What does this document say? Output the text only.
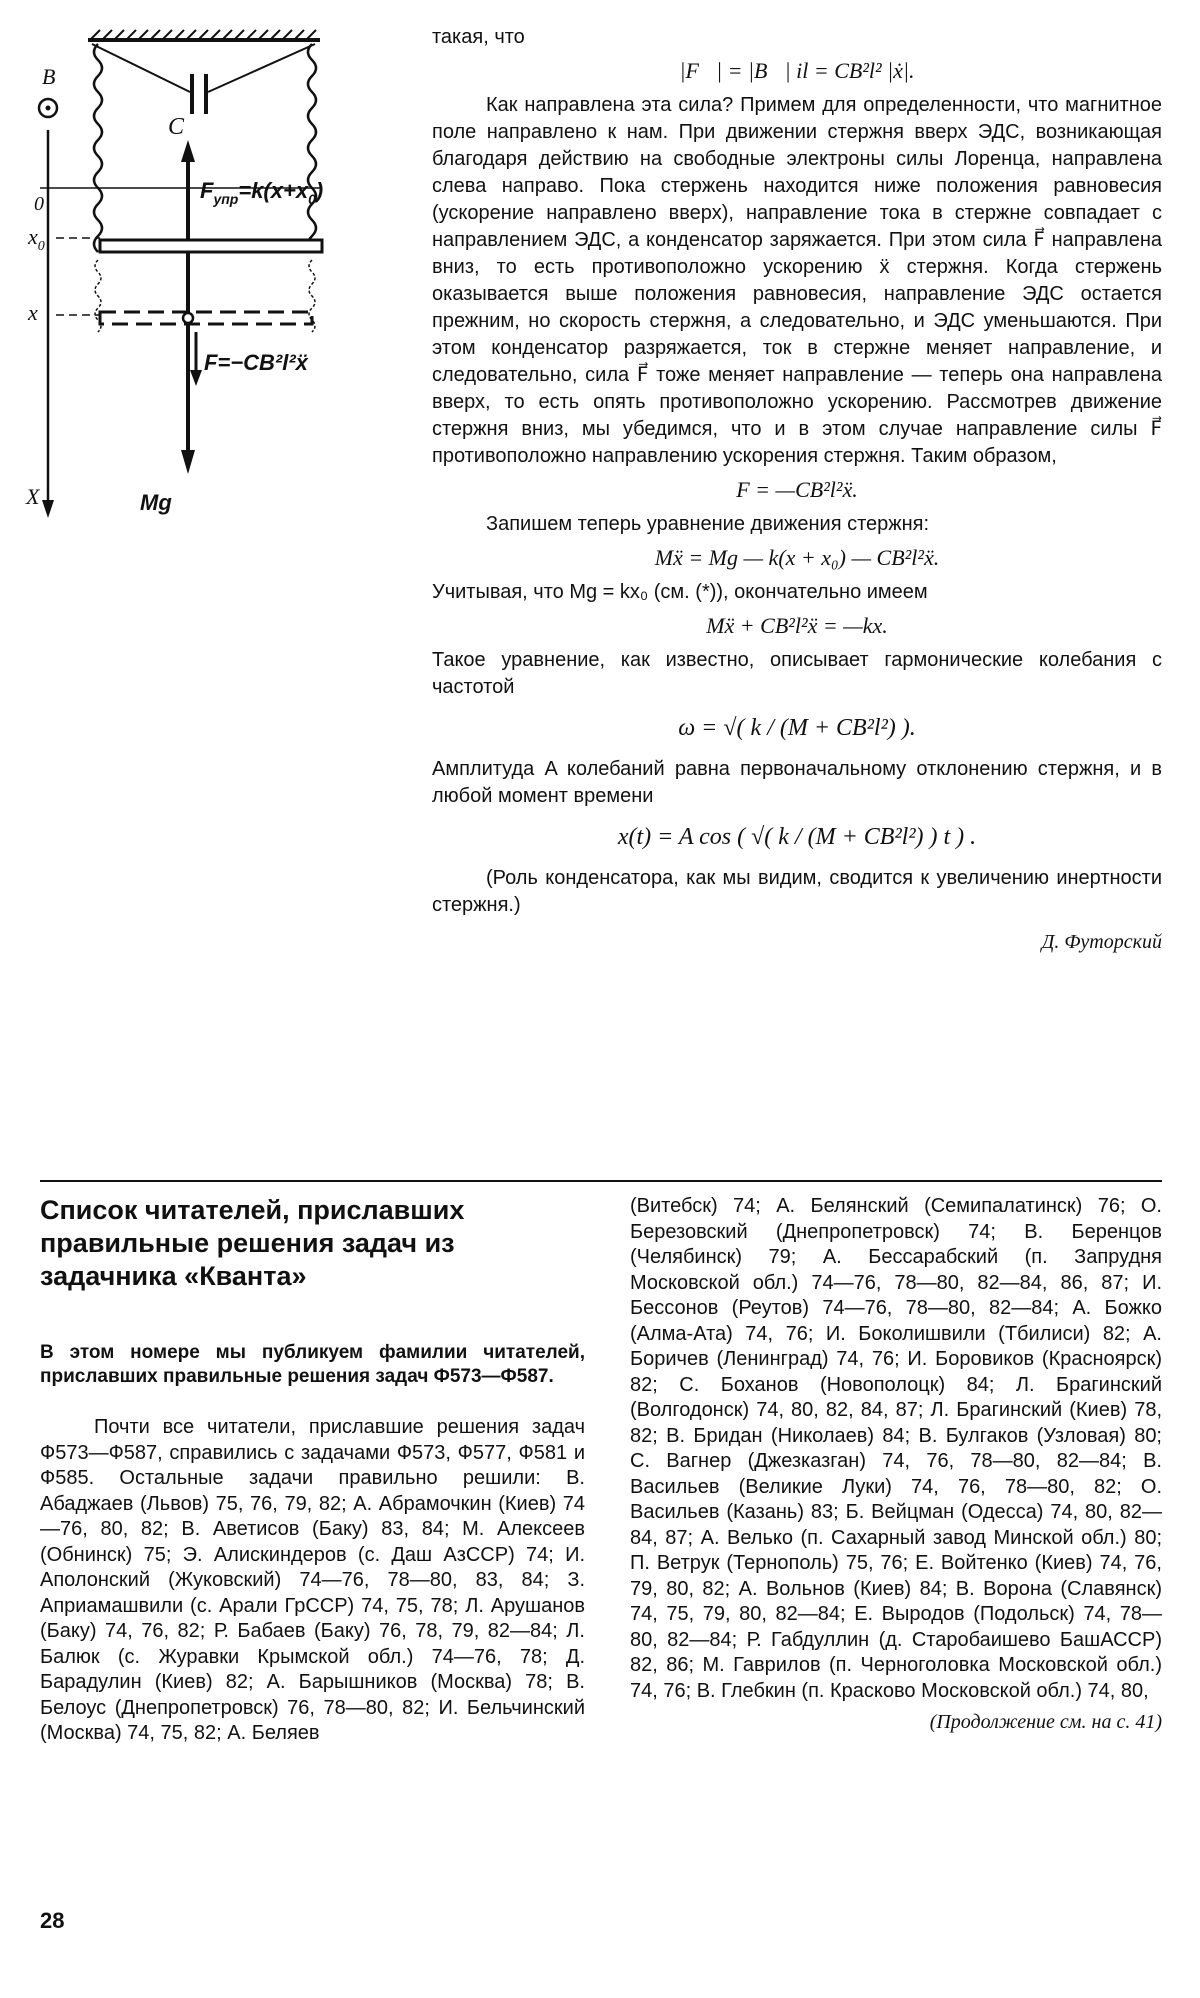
C
B
X
0
$x_0$
x
$F_{упр}=k(x+x_0)$
F=−CB²l²ẍ
Mg

такая, что

|F⃗| = |B⃗| il = CB²l² |ẋ|.

Как направлена эта сила? Примем для определенности, что магнитное поле направлено к нам. При движении стержня вверх ЭДС, возникающая благодаря действию на свободные электроны силы Лоренца, направлена слева направо. Пока стержень находится ниже положения равновесия (ускорение направлено вверх), направление тока в стержне совпадает с направлением ЭДС, а конденсатор заряжается. При этом сила F⃗ направлена вниз, то есть противоположно ускорению ẍ стержня. Когда стержень оказывается выше положения равновесия, направление ЭДС остается прежним, но скорость стержня, а следовательно, и ЭДС уменьшаются. При этом конденсатор разряжается, ток в стержне меняет направление, и следовательно, сила F⃗ тоже меняет направление — теперь она направлена вверх, то есть опять противоположно ускорению. Рассмотрев движение стержня вниз, мы убедимся, что и в этом случае направление силы F⃗ противоположно направлению ускорения стержня. Таким образом,

F = —CB²l²ẍ.

Запишем теперь уравнение движения стержня:

Mẍ = Mg — k(x + x₀) — CB²l²ẍ.

Учитывая, что Mg = kx₀ (см. (*)), окончательно имеем

Mẍ + CB²l²ẍ = —kx.

Такое уравнение, как известно, описывает гармонические колебания с частотой

ω = √( k / (M + CB²l²) ).

Амплитуда A колебаний равна первоначальному отклонению стержня, и в любой момент времени

x(t) = A cos ( √( k / (M + CB²l²) ) t ) .

(Роль конденсатора, как мы видим, сводится к увеличению инертности стержня.)

Д. Футорский
Список читателей, приславших правильные решения задач из задачника «Кванта»

В этом номере мы публикуем фамилии читателей, приславших правильные решения задач Ф573—Ф587.

Почти все читатели, приславшие решения задач Ф573—Ф587, справились с задачами Ф573, Ф577, Ф581 и Ф585. Остальные задачи правильно решили: В. Абаджаев (Львов) 75, 76, 79, 82; А. Абрамочкин (Киев) 74—76, 80, 82; В. Аветисов (Баку) 83, 84; М. Алексеев (Обнинск) 75; Э. Алискиндеров (с. Даш АзССР) 74; И. Аполонский (Жуковский) 74—76, 78—80, 83, 84; З. Априамашвили (с. Арали ГрССР) 74, 75, 78; Л. Арушанов (Баку) 74, 76, 82; Р. Бабаев (Баку) 76, 78, 79, 82—84; Л. Балюк (с. Журавки Крымской обл.) 74—76, 78; Д. Барадулин (Киев) 82; А. Барышников (Москва) 78; В. Белоус (Днепропетровск) 76, 78—80, 82; И. Бельчинский (Москва) 74, 75, 82; А. Беляев

(Витебск) 74; А. Белянский (Семипалатинск) 76; О. Березовский (Днепропетровск) 74; В. Беренцов (Челябинск) 79; А. Бессарабский (п. Запрудня Московской обл.) 74—76, 78—80, 82—84, 86, 87; И. Бессонов (Реутов) 74—76, 78—80, 82—84; А. Божко (Алма-Ата) 74, 76; И. Боколишвили (Тбилиси) 82; А. Боричев (Ленинград) 74, 76; И. Боровиков (Красноярск) 82; С. Боханов (Новополоцк) 84; Л. Брагинский (Волгодонск) 74, 80, 82, 84, 87; Л. Брагинский (Киев) 78, 82; В. Бридан (Николаев) 84; В. Булгаков (Узловая) 80; С. Вагнер (Джезказган) 74, 76, 78—80, 82—84; В. Васильев (Великие Луки) 74, 76, 78—80, 82; О. Васильев (Казань) 83; Б. Вейцман (Одесса) 74, 80, 82—84, 87; А. Велько (п. Сахарный завод Минской обл.) 80; П. Ветрук (Тернополь) 75, 76; Е. Войтенко (Киев) 74, 76, 79, 80, 82; А. Вольнов (Киев) 84; В. Ворона (Славянск) 74, 75, 79, 80, 82—84; Е. Выродов (Подольск) 74, 78—80, 82—84; Р. Габдуллин (д. Старобаишево БашАССР) 82, 86; М. Гаврилов (п. Черноголовка Московской обл.) 74, 76; В. Глебкин (п. Красково Московской обл.) 74, 80,

(Продолжение см. на с. 41)
28
